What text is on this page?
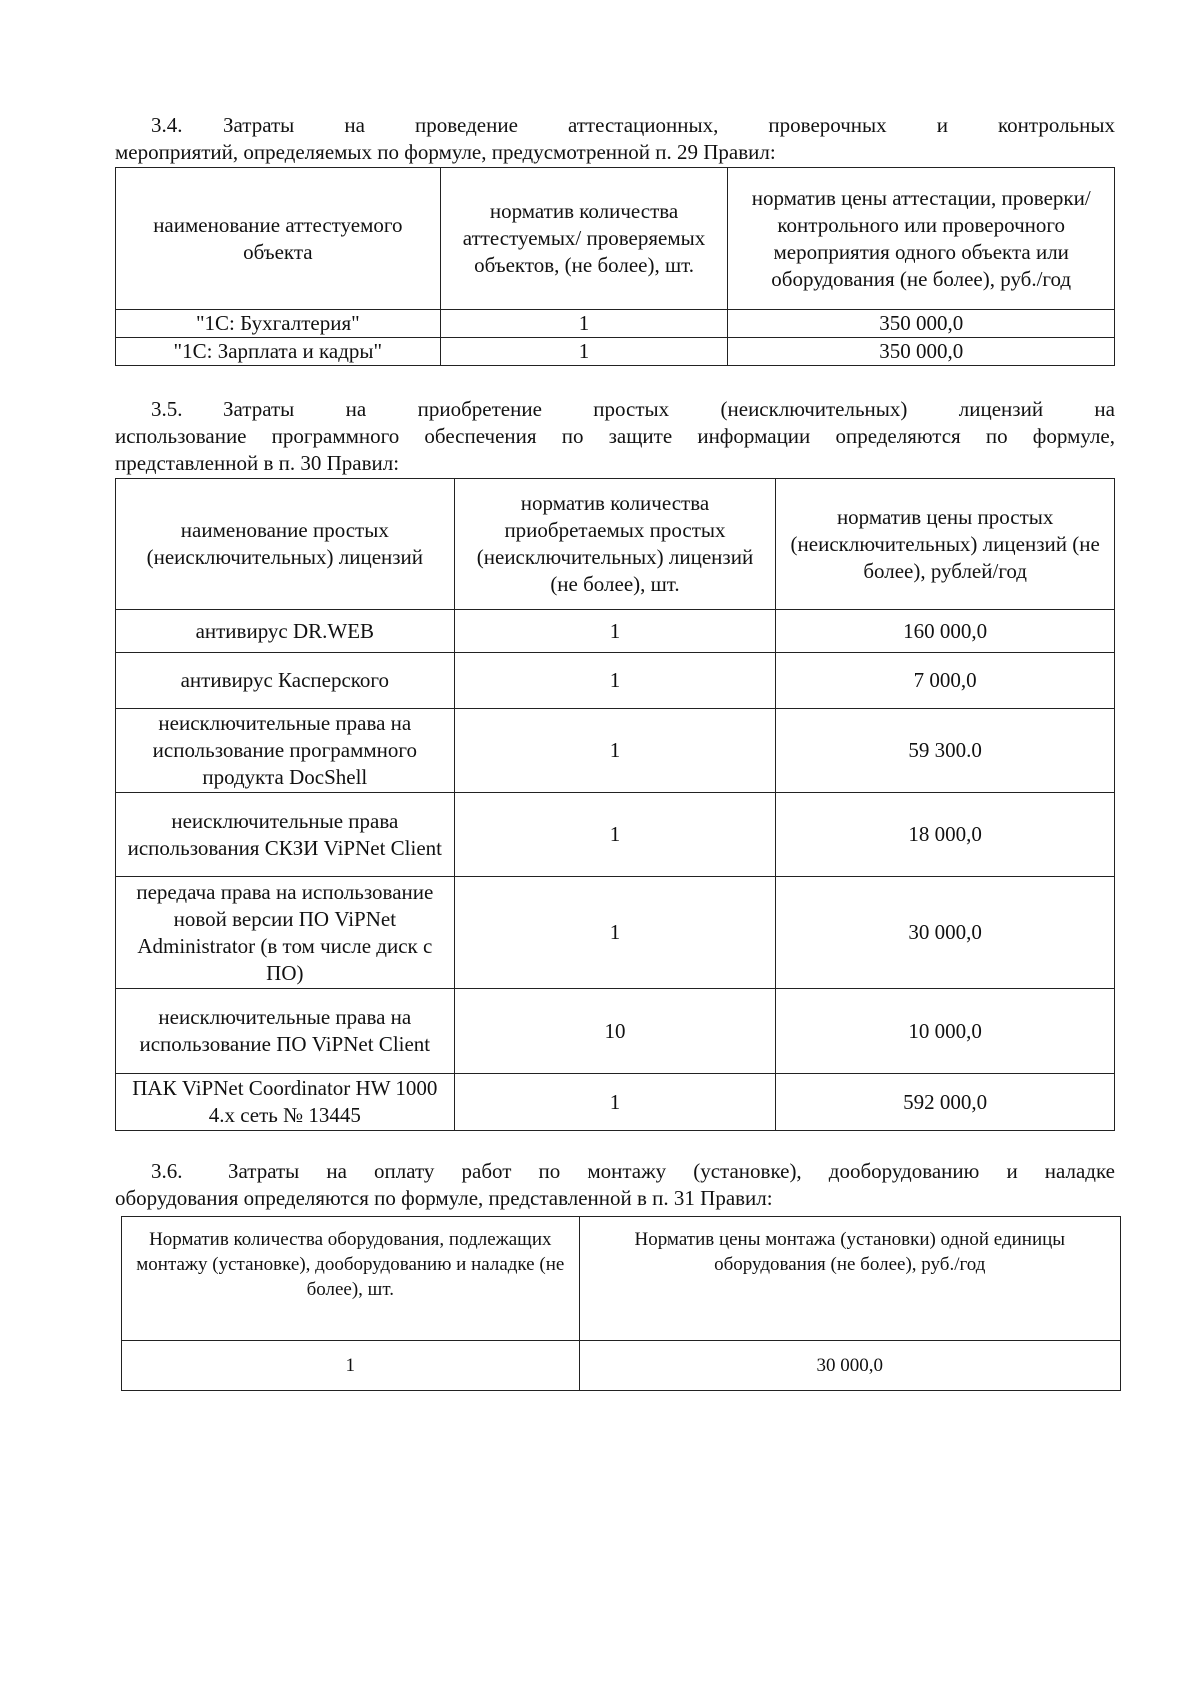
3.4. Затраты на проведение аттестационных, проверочных и контрольных

мероприятий, определяемых по формуле, предусмотренной п. 29 Правил:

наименование аттестуемого объекта	норматив количества аттестуемых/ проверяемых объектов, (не более), шт.	норматив цены аттестации, проверки/ контрольного или проверочного мероприятия одного объекта или оборудования (не более), руб./год
"1С: Бухгалтерия"	1	350 000,0
"1С: Зарплата и кадры"	1	350 000,0

3.5. Затраты на приобретение простых (неисключительных) лицензий на

использование программного обеспечения по защите информации определяются по формуле,

представленной в п. 30 Правил:

наименование простых (неисключительных) лицензий	норматив количества приобретаемых простых (неисключительных) лицензий (не более), шт.	норматив цены простых (неисключительных) лицензий (не более), рублей/год
антивирус DR.WEB	1	160 000,0
антивирус Касперского	1	7 000,0
неисключительные права на использование программного продукта DocShell	1	59 300.0
неисключительные права использования СКЗИ ViPNet Client	1	18 000,0
передача права на использование новой версии ПО ViPNet Administrator (в том числе диск с ПО)	1	30 000,0
неисключительные права на использование ПО ViPNet Client	10	10 000,0
ПАК ViPNet Coordinator HW 1000 4.х сеть № 13445	1	592 000,0

3.6. Затраты на оплату работ по монтажу (установке), дооборудованию и наладке

оборудования определяются по формуле, представленной в п. 31 Правил:

Норматив количества оборудования, подлежащих монтажу (установке), дооборудованию и наладке (не более), шт.	Норматив цены монтажа (установки) одной единицы оборудования (не более), руб./год
1	30 000,0
